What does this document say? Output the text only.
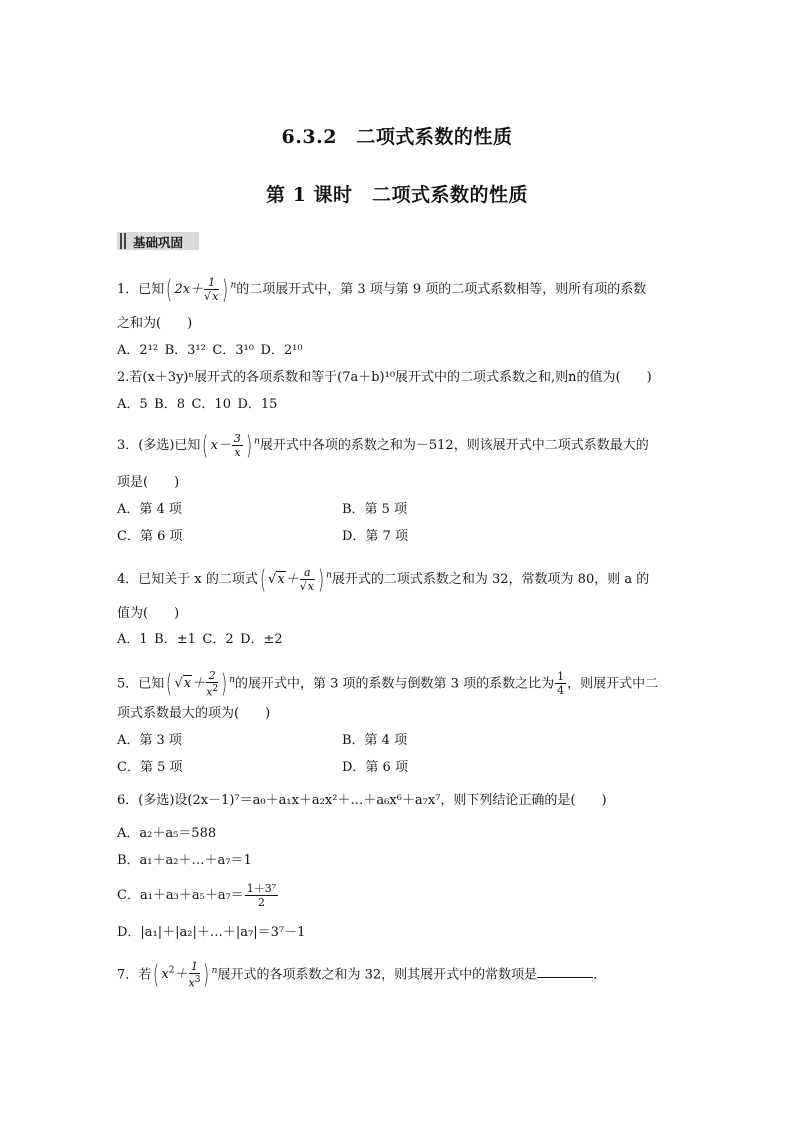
6.3.2　二项式系数的性质
第 1 课时　二项式系数的性质
基础巩固
1．已知( $2x+ \frac{1}{√x}$ ) $^n$的二项展开式中，第 3 项与第 9 项的二项式系数相等，则所有项的系数
之和为(　　)
A．2¹² B．3¹² C．3¹⁰ D．2¹⁰
2.若(x＋3y)ⁿ展开式的各项系数和等于(7a＋b)¹⁰展开式中的二项式系数之和,则n的值为(　　)
A．5 B．8 C．10 D．15
3．(多选)已知( $x- \frac{3}{x}$ ) $^n$展开式中各项的系数之和为－512，则该展开式中二项式系数最大的
项是(　　)
A．第 4 项	B．第 5 项
C．第 6 项	D．第 7 项
4．已知关于 x 的二项式( $√x+ \frac{a}{√x}$ ) $^n$展开式的二项式系数之和为 32，常数项为 80，则 a 的
值为(　　)
A．1 B．±1 C．2 D．±2
5．已知( $√x+ \frac{2}{x^2}$ ) $^n$的展开式中，第 3 项的系数与倒数第 3 项的系数之比为 $\frac{1}{4}$ ，则展开式中二
项式系数最大的项为(　　)
A．第 3 项	B．第 4 项
C．第 5 项	D．第 6 项
6．(多选)设(2x－1)⁷＝a₀＋a₁x＋a₂x²＋…＋a₆x⁶＋a₇x⁷，则下列结论正确的是(　　)
A．a₂＋a₅＝588
B．a₁＋a₂＋…＋a₇＝1
C．$a_1+a_3+a_5+a_7= \frac{\text{1＋3⁷}}{2}$
D．|a₁|＋|a₂|＋…＋|a₇|＝3⁷－1
7．若( $x^2+ \frac{1}{x^3}$ ) $^n$展开式的各项系数之和为 32，则其展开式中的常数项是	．
